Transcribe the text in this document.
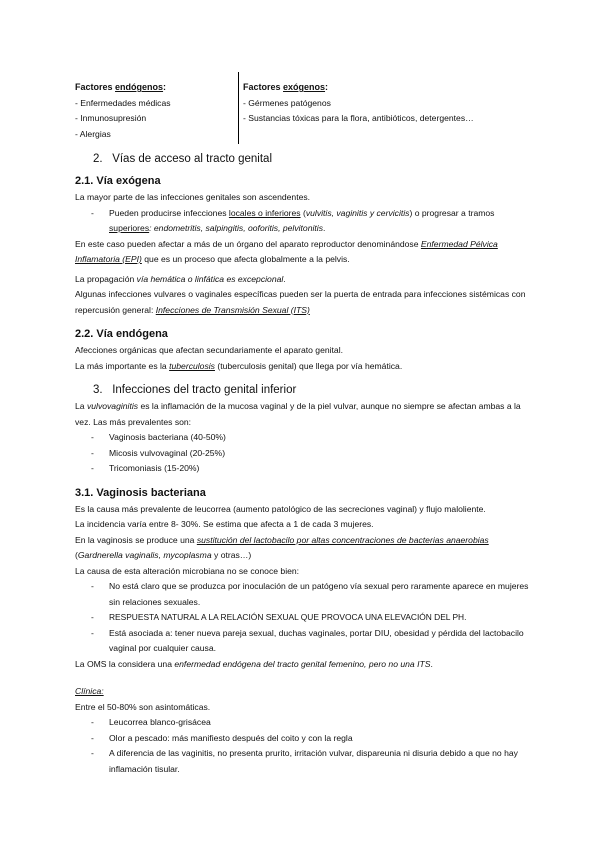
Factores endógenos:
- Enfermedades médicas
- Inmunosupresión
- Alergias
Factores exógenos:
- Gérmenes patógenos
- Sustancias tóxicas para la flora, antibióticos, detergentes…
2. Vías de acceso al tracto genital
2.1. Vía exógena

La mayor parte de las infecciones genitales son ascendentes.

- Pueden producirse infecciones locales o inferiores (vulvitis, vaginitis y cervicitis) o progresar a tramos superiores: endometritis, salpingitis, ooforitis, pelvitonitis.

En este caso pueden afectar a más de un órgano del aparato reproductor denominándose Enfermedad Pélvica Inflamatoria (EPI) que es un proceso que afecta globalmente a la pelvis.

La propagación vía hemática o linfática es excepcional.

Algunas infecciones vulvares o vaginales específicas pueden ser la puerta de entrada para infecciones sistémicas con repercusión general: Infecciones de Transmisión Sexual (ITS)

2.2. Vía endógena

Afecciones orgánicas que afectan secundariamente el aparato genital.

La más importante es la tuberculosis (tuberculosis genital) que llega por vía hemática.

3. Infecciones del tracto genital inferior

La vulvovaginitis es la inflamación de la mucosa vaginal y de la piel vulvar, aunque no siempre se afectan ambas a la vez. Las más prevalentes son:

- Vaginosis bacteriana (40-50%)
- Micosis vulvovaginal (20-25%)
- Tricomoniasis (15-20%)
3.1. Vaginosis bacteriana

Es la causa más prevalente de leucorrea (aumento patológico de las secreciones vaginal) y flujo maloliente.

La incidencia varía entre 8- 30%. Se estima que afecta a 1 de cada 3 mujeres.

En la vaginosis se produce una sustitución del lactobacilo por altas concentraciones de bacterias anaerobias (Gardnerella vaginalis, mycoplasma y otras…)

La causa de esta alteración microbiana no se conoce bien:

- No está claro que se produzca por inoculación de un patógeno vía sexual pero raramente aparece en mujeres sin relaciones sexuales.
- RESPUESTA NATURAL A LA RELACIÓN SEXUAL QUE PROVOCA UNA ELEVACIÓN DEL PH.
- Está asociada a: tener nueva pareja sexual, duchas vaginales, portar DIU, obesidad y pérdida del lactobacilo vaginal por cualquier causa.

La OMS la considera una enfermedad endógena del tracto genital femenino, pero no una ITS.

Clínica:

Entre el 50-80% son asintomáticas.

- Leucorrea blanco-grisácea
- Olor a pescado: más manifiesto después del coito y con la regla
- A diferencia de las vaginitis, no presenta prurito, irritación vulvar, dispareunia ni disuria debido a que no hay inflamación tisular.
